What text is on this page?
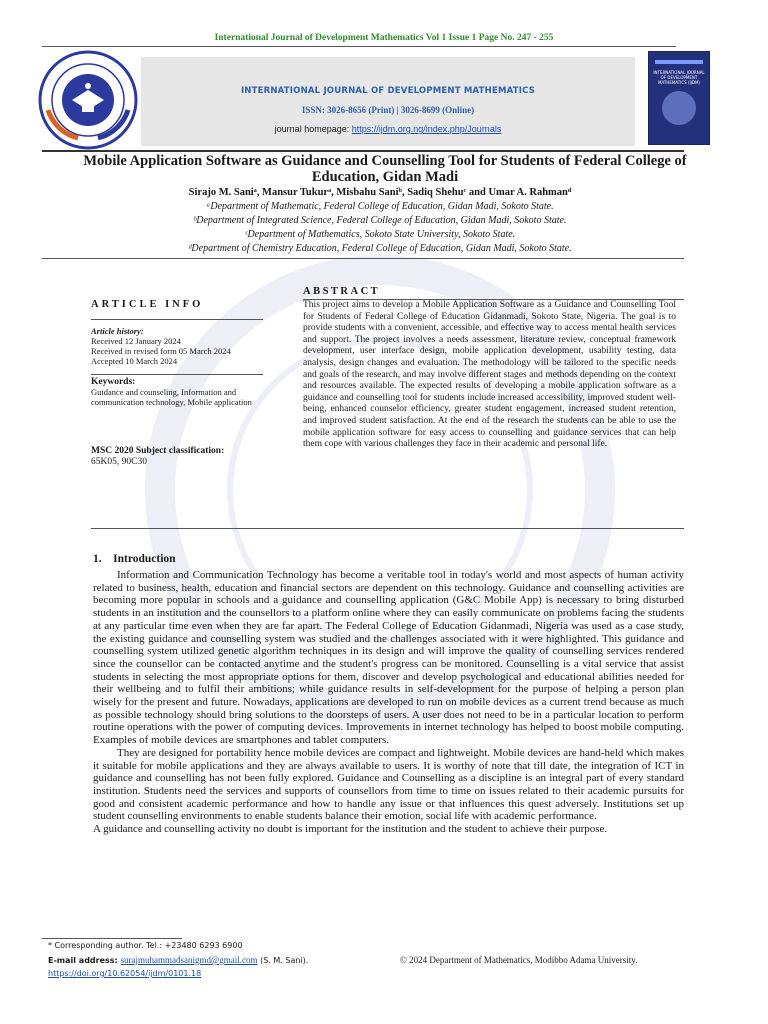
International Journal of Development Mathematics Vol 1 Issue 1 Page No. 247 - 255
INTERNATIONAL JOURNAL OF DEVELOPMENT MATHEMATICS (IJDM)
INTERNATIONAL JOURNAL OF DEVELOPMENT MATHEMATICS
ISSN: 3026-8656 (Print) | 3026-8699 (Online)
journal homepage: https://ijdm.org.ng/index.php/Journals
Mobile Application Software as Guidance and Counselling Tool for Students of Federal College of Education, Gidan Madi
Sirajo M. Saniᵃ, Mansur Tukurᵃ, Misbahu Saniᵇ, Sadiq Shehuᶜ and Umar A. Rahmanᵈ
ᵃDepartment of Mathematic, Federal College of Education, Gidan Madi, Sokoto State.
ᵇDepartment of Integrated Science, Federal College of Education, Gidan Madi, Sokoto State.
ᶜDepartment of Mathematics, Sokoto State University, Sokoto State.
ᵈDepartment of Chemistry Education, Federal College of Education, Gidan Madi, Sokoto State.
ARTICLE INFO
Article history:
Received 12 January 2024
Received in revised form 05 March 2024
Accepted 10 March 2024
Keywords:
Guidance and counseling, Information and communication technology, Mobile application
MSC 2020 Subject classification:
65K05, 90C30
ABSTRACT
This project aims to develop a Mobile Application Software as a Guidance and Counselling Tool for Students of Federal College of Education Gidanmadi, Sokoto State, Nigeria. The goal is to provide students with a convenient, accessible, and effective way to access mental health services and support. The project involves a needs assessment, literature review, conceptual framework development, user interface design, mobile application development, usability testing, data analysis, design changes and evaluation. The methodology will be tailored to the specific needs and goals of the research, and may involve different stages and methods depending on the context and resources available. The expected results of developing a mobile application software as a guidance and counselling tool for students include increased accessibility, improved student well-being, enhanced counselor efficiency, greater student engagement, increased student retention, and improved student satisfaction. At the end of the research the students can be able to use the mobile application software for easy access to counselling and guidance services that can help them cope with various challenges they face in their academic and personal life.
1.    Introduction

Information and Communication Technology has become a veritable tool in today's world and most aspects of human activity related to business, health, education and financial sectors are dependent on this technology. Guidance and counselling activities are becoming more popular in schools and a guidance and counselling application (G&C Mobile App) is necessary to bring disturbed students in an institution and the counsellors to a platform online where they can easily communicate on problems facing the students at any particular time even when they are far apart. The Federal College of Education Gidanmadi, Nigeria was used as a case study, the existing guidance and counselling system was studied and the challenges associated with it were highlighted. This guidance and counselling system utilized genetic algorithm techniques in its design and will improve the quality of counselling services rendered since the counsellor can be contacted anytime and the student's progress can be monitored. Counselling is a vital service that assist students in selecting the most appropriate options for them, discover and develop psychological and educational abilities needed for their wellbeing and to fulfil their ambitions; while guidance results in self-development for the purpose of helping a person plan wisely for the present and future. Nowadays, applications are developed to run on mobile devices as a current trend because as much as possible technology should bring solutions to the doorsteps of users. A user does not need to be in a particular location to perform routine operations with the power of computing devices. Improvements in internet technology has helped to boost mobile computing. Examples of mobile devices are smartphones and tablet computers.

They are designed for portability hence mobile devices are compact and lightweight. Mobile devices are hand-held which makes it suitable for mobile applications and they are always available to users. It is worthy of note that till date, the integration of ICT in guidance and counselling has not been fully explored. Guidance and Counselling as a discipline is an integral part of every standard institution. Students need the services and supports of counsellors from time to time on issues related to their academic pursuits for good and consistent academic performance and how to handle any issue or that influences this quest adversely. Institutions set up student counselling environments to enable students balance their emotion, social life with academic performance.

A guidance and counselling activity no doubt is important for the institution and the student to achieve their purpose.

* Corresponding author. Tel.: +23480 6293 6900
E-mail address: surajmuhammadsanigmd@gmail.com (S. M. Sani).
https://doi.org/10.62054/ijdm/0101.18
© 2024 Department of Mathematics, Modibbo Adama University.
